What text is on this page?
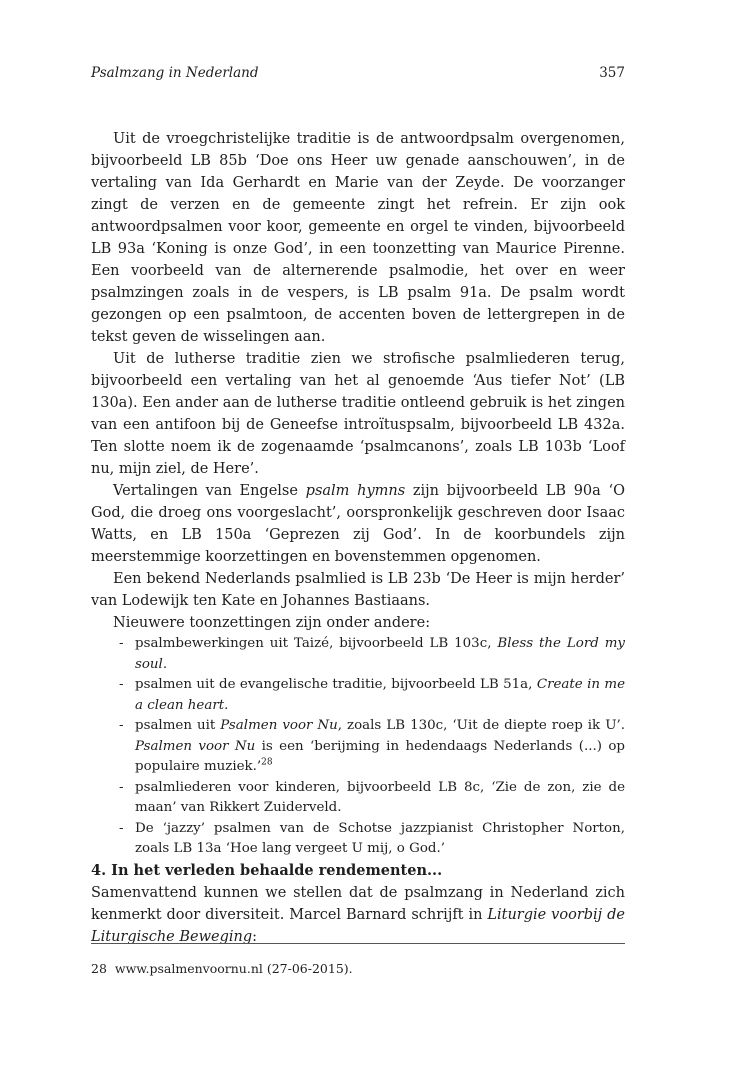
Psalmzang in Nederland	357

Uit de vroegchristelijke traditie is de antwoordpsalm overgenomen, bijvoorbeeld LB 85b ‘Doe ons Heer uw genade aanschouwen’, in de vertaling van Ida Gerhardt en Marie van der Zeyde. De voorzanger zingt de verzen en de gemeente zingt het refrein. Er zijn ook antwoordpsalmen voor koor, gemeente en orgel te vinden, bijvoorbeeld LB 93a ‘Koning is onze God’, in een toonzetting van Maurice Pirenne. Een voorbeeld van de alternerende psalmodie, het over en weer psalmzingen zoals in de vespers, is LB psalm 91a. De psalm wordt gezongen op een psalmtoon, de accenten boven de lettergrepen in de tekst geven de wisselingen aan.

Uit de lutherse traditie zien we strofische psalmliederen terug, bijvoorbeeld een vertaling van het al genoemde ‘Aus tiefer Not’ (LB 130a). Een ander aan de lutherse traditie ontleend gebruik is het zingen van een antifoon bij de Geneefse introïtuspsalm, bijvoorbeeld LB 432a. Ten slotte noem ik de zogenaamde ‘psalmcanons’, zoals LB 103b ‘Loof nu, mijn ziel, de Here’.

Vertalingen van Engelse psalm hymns zijn bijvoorbeeld LB 90a ‘O God, die droeg ons voorgeslacht’, oorspronkelijk geschreven door Isaac Watts, en LB 150a ‘Geprezen zij God’. In de koorbundels zijn meerstemmige koorzettingen en bovenstemmen opgenomen.

Een bekend Nederlands psalmlied is LB 23b ‘De Heer is mijn herder’ van Lodewijk ten Kate en Johannes Bastiaans.

Nieuwere toonzettingen zijn onder andere:

- psalmbewerkingen uit Taizé, bijvoorbeeld LB 103c, Bless the Lord my soul.
- psalmen uit de evangelische traditie, bijvoorbeeld LB 51a, Create in me a clean heart.
- psalmen uit Psalmen voor Nu, zoals LB 130c, ‘Uit de diepte roep ik U’. Psalmen voor Nu is een ‘berijming in hedendaags Nederlands (...) op populaire muziek.’$^{28}$
- psalmliederen voor kinderen, bijvoorbeeld LB 8c, ‘Zie de zon, zie de maan’ van Rikkert Zuiderveld.
- De ‘jazzy’ psalmen van de Schotse jazzpianist Christopher Norton, zoals LB 13a ‘Hoe lang vergeet U mij, o God.’

4. In het verleden behaalde rendementen...

Samenvattend kunnen we stellen dat de psalmzang in Nederland zich kenmerkt door diversiteit. Marcel Barnard schrijft in Liturgie voorbij de Liturgische Beweging:

28 www.psalmenvoornu.nl (27-06-2015).
